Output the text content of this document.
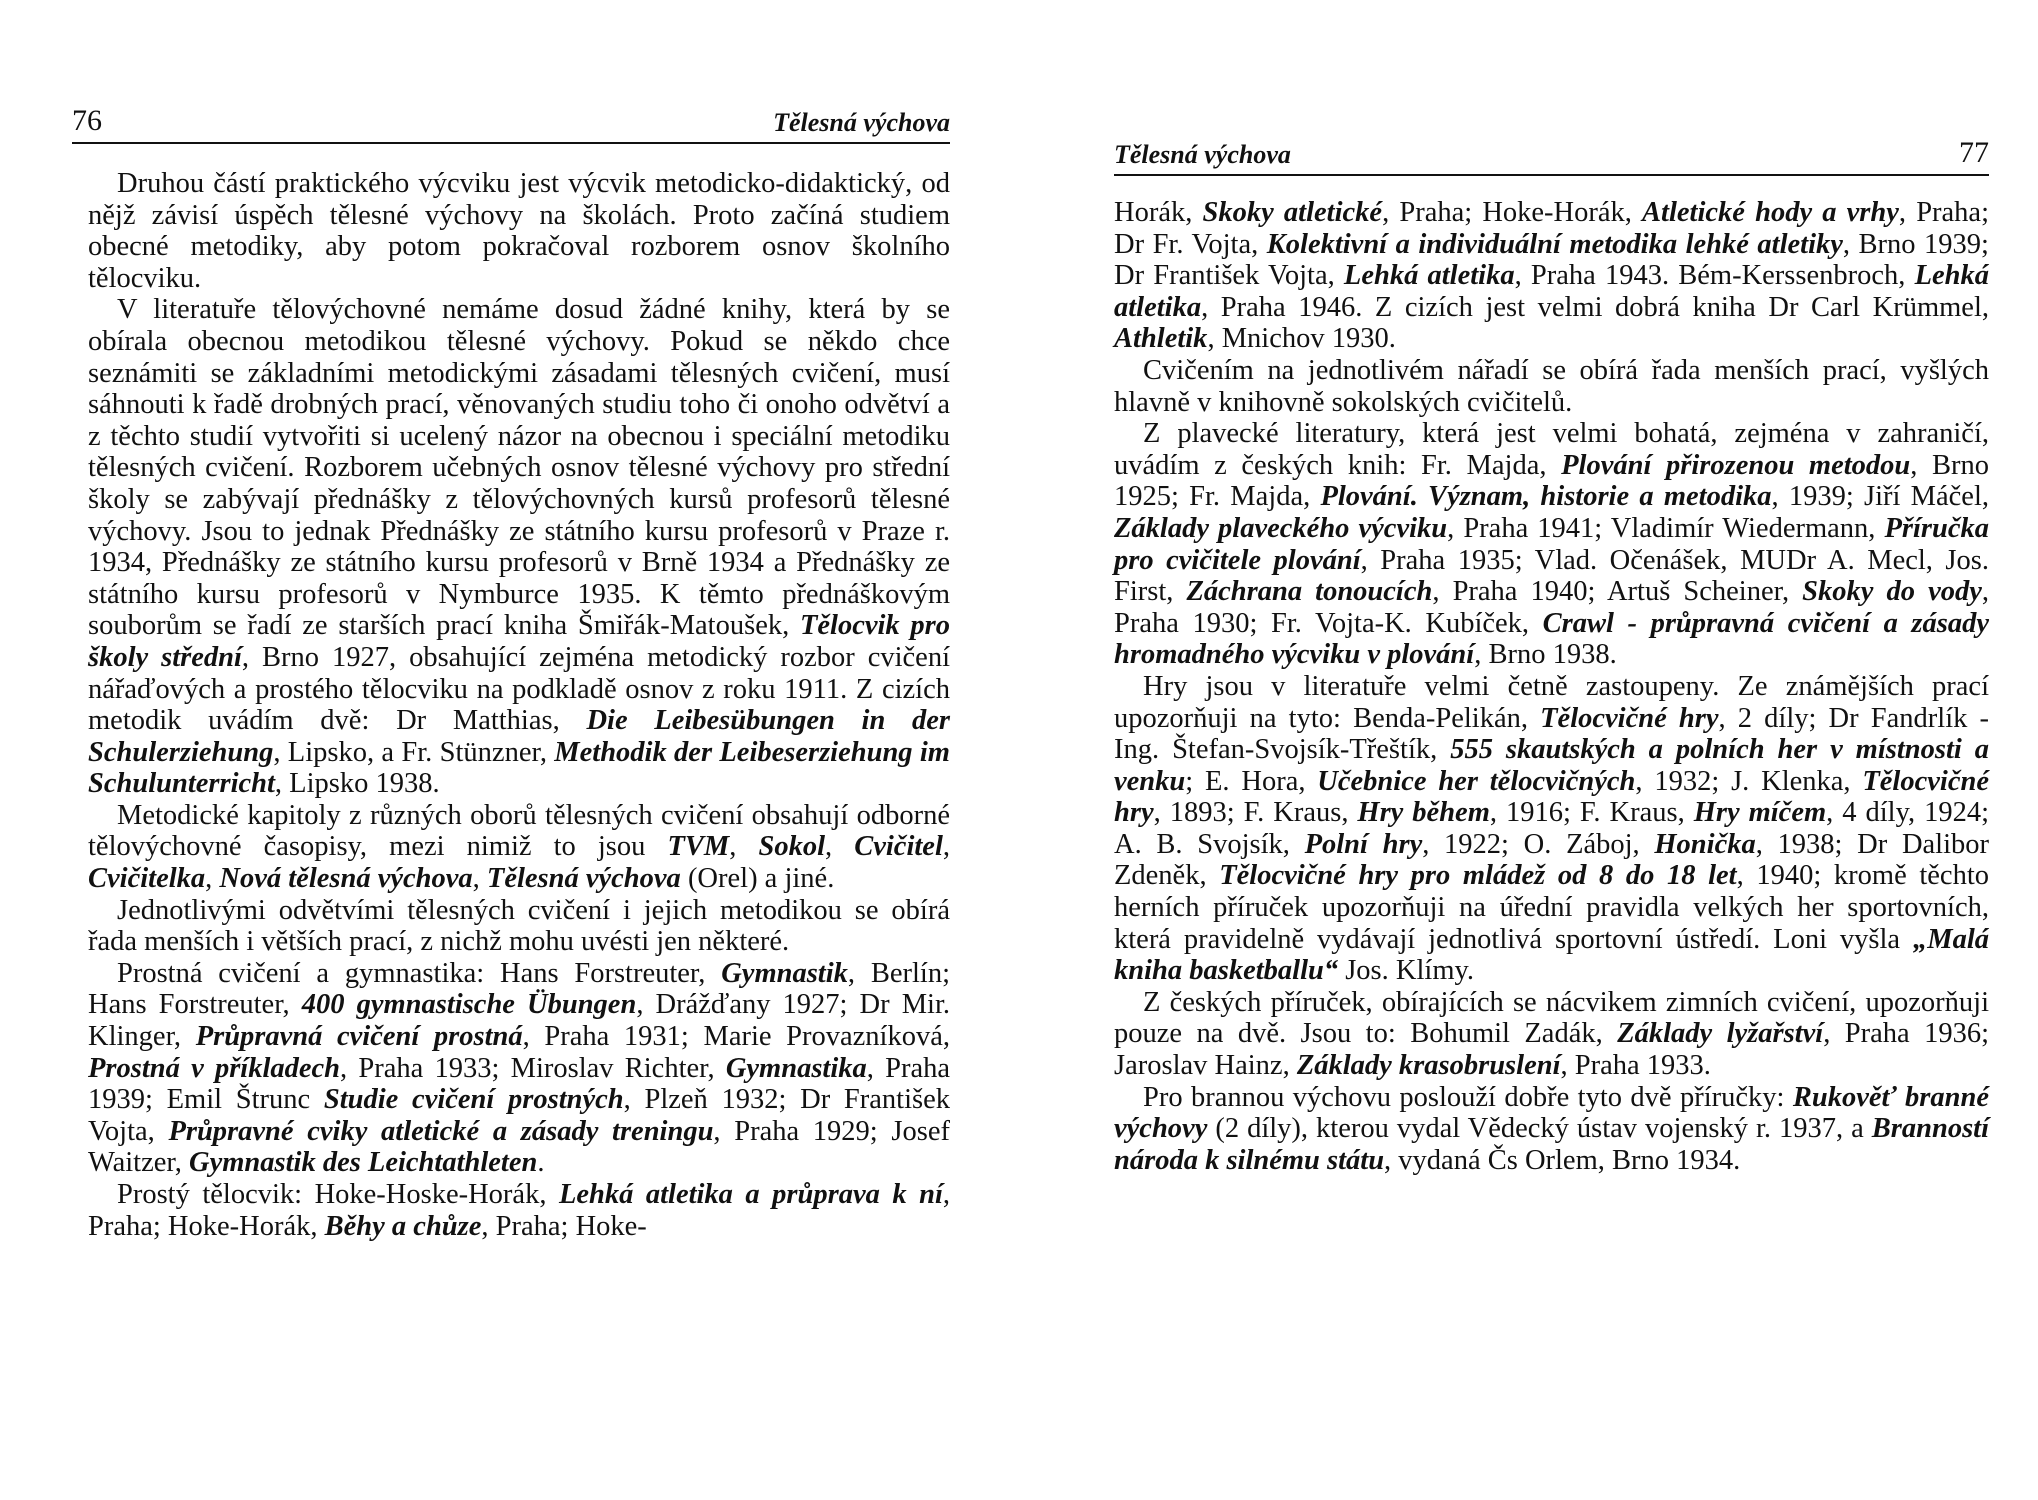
76	Tělesná výchova

Druhou částí praktického výcviku jest výcvik metodicko-didaktický, od nějž závisí úspěch tělesné výchovy na školách. Proto začíná studiem obecné metodiky, aby potom pokračoval rozborem osnov školního tělocviku.

V literatuře tělovýchovné nemáme dosud žádné knihy, která by se obírala obecnou metodikou tělesné výchovy. Pokud se někdo chce seznámiti se základními metodickými zásadami tělesných cvičení, musí sáhnouti k řadě drobných prací, věnovaných studiu toho či onoho odvětví a z těchto studií vytvořiti si ucelený názor na obecnou i speciální metodiku tělesných cvičení. Rozborem učebných osnov tělesné výchovy pro střední školy se zabývají přednášky z tělovýchovných kursů profesorů tělesné výchovy. Jsou to jednak Přednášky ze státního kursu profesorů v Praze r. 1934, Přednášky ze státního kursu profesorů v Brně 1934 a Přednášky ze státního kursu profesorů v Nymburce 1935. K těmto přednáškovým souborům se řadí ze starších prací kniha Šmiřák-Matoušek, Tělocvik pro školy střední, Brno 1927, obsahující zejména metodický rozbor cvičení nářaďových a prostého tělocviku na podkladě osnov z roku 1911. Z cizích metodik uvádím dvě: Dr Matthias, Die Leibesübungen in der Schulerziehung, Lipsko, a Fr. Stünzner, Methodik der Leibeserziehung im Schulunterricht, Lipsko 1938.

Metodické kapitoly z různých oborů tělesných cvičení obsahují odborné tělovýchovné časopisy, mezi nimiž to jsou TVM, Sokol, Cvičitel, Cvičitelka, Nová tělesná výchova, Tělesná výchova (Orel) a jiné.

Jednotlivými odvětvími tělesných cvičení i jejich metodikou se obírá řada menších i větších prací, z nichž mohu uvésti jen některé.

Prostná cvičení a gymnastika: Hans Forstreuter, Gymnastik, Berlín; Hans Forstreuter, 400 gymnastische Übungen, Drážďany 1927; Dr Mir. Klinger, Průpravná cvičení prostná, Praha 1931; Marie Provazníková, Prostná v příkladech, Praha 1933; Miroslav Richter, Gymnastika, Praha 1939; Emil Štrunc Studie cvičení prostných, Plzeň 1932; Dr František Vojta, Průpravné cviky atletické a zásady treningu, Praha 1929; Josef Waitzer, Gymnastik des Leichtathleten.

Prostý tělocvik: Hoke-Hoske-Horák, Lehká atletika a průprava k ní, Praha; Hoke-Horák, Běhy a chůze, Praha; Hoke-

Tělesná výchova	77

Horák, Skoky atletické, Praha; Hoke-Horák, Atletické hody a vrhy, Praha; Dr Fr. Vojta, Kolektivní a individuální metodika lehké atletiky, Brno 1939; Dr František Vojta, Lehká atletika, Praha 1943. Bém-Kerssenbroch, Lehká atletika, Praha 1946. Z cizích jest velmi dobrá kniha Dr Carl Krümmel, Athletik, Mnichov 1930.

Cvičením na jednotlivém nářadí se obírá řada menších prací, vyšlých hlavně v knihovně sokolských cvičitelů.

Z plavecké literatury, která jest velmi bohatá, zejména v zahraničí, uvádím z českých knih: Fr. Majda, Plování přirozenou metodou, Brno 1925; Fr. Majda, Plování. Význam, historie a metodika, 1939; Jiří Máčel, Základy plaveckého výcviku, Praha 1941; Vladimír Wiedermann, Příručka pro cvičitele plování, Praha 1935; Vlad. Očenášek, MUDr A. Mecl, Jos. First, Záchrana tonoucích, Praha 1940; Artuš Scheiner, Skoky do vody, Praha 1930; Fr. Vojta-K. Kubíček, Crawl - průpravná cvičení a zásady hromadného výcviku v plování, Brno 1938.

Hry jsou v literatuře velmi četně zastoupeny. Ze známějších prací upozorňuji na tyto: Benda-Pelikán, Tělocvičné hry, 2 díly; Dr Fandrlík - Ing. Štefan-Svojsík-Třeštík, 555 skautských a polních her v místnosti a venku; E. Hora, Učebnice her tělocvičných, 1932; J. Klenka, Tělocvičné hry, 1893; F. Kraus, Hry během, 1916; F. Kraus, Hry míčem, 4 díly, 1924; A. B. Svojsík, Polní hry, 1922; O. Záboj, Honička, 1938; Dr Dalibor Zdeněk, Tělocvičné hry pro mládež od 8 do 18 let, 1940; kromě těchto herních příruček upozorňuji na úřední pravidla velkých her sportovních, která pravidelně vydávají jednotlivá sportovní ústředí. Loni vyšla „Malá kniha basketballu“ Jos. Klímy.

Z českých příruček, obírajících se nácvikem zimních cvičení, upozorňuji pouze na dvě. Jsou to: Bohumil Zadák, Základy lyžařství, Praha 1936; Jaroslav Hainz, Základy krasobruslení, Praha 1933.

Pro brannou výchovu poslouží dobře tyto dvě příručky: Rukověť branné výchovy (2 díly), kterou vydal Vědecký ústav vojenský r. 1937, a Branností národa k silnému státu, vydaná Čs Orlem, Brno 1934.
